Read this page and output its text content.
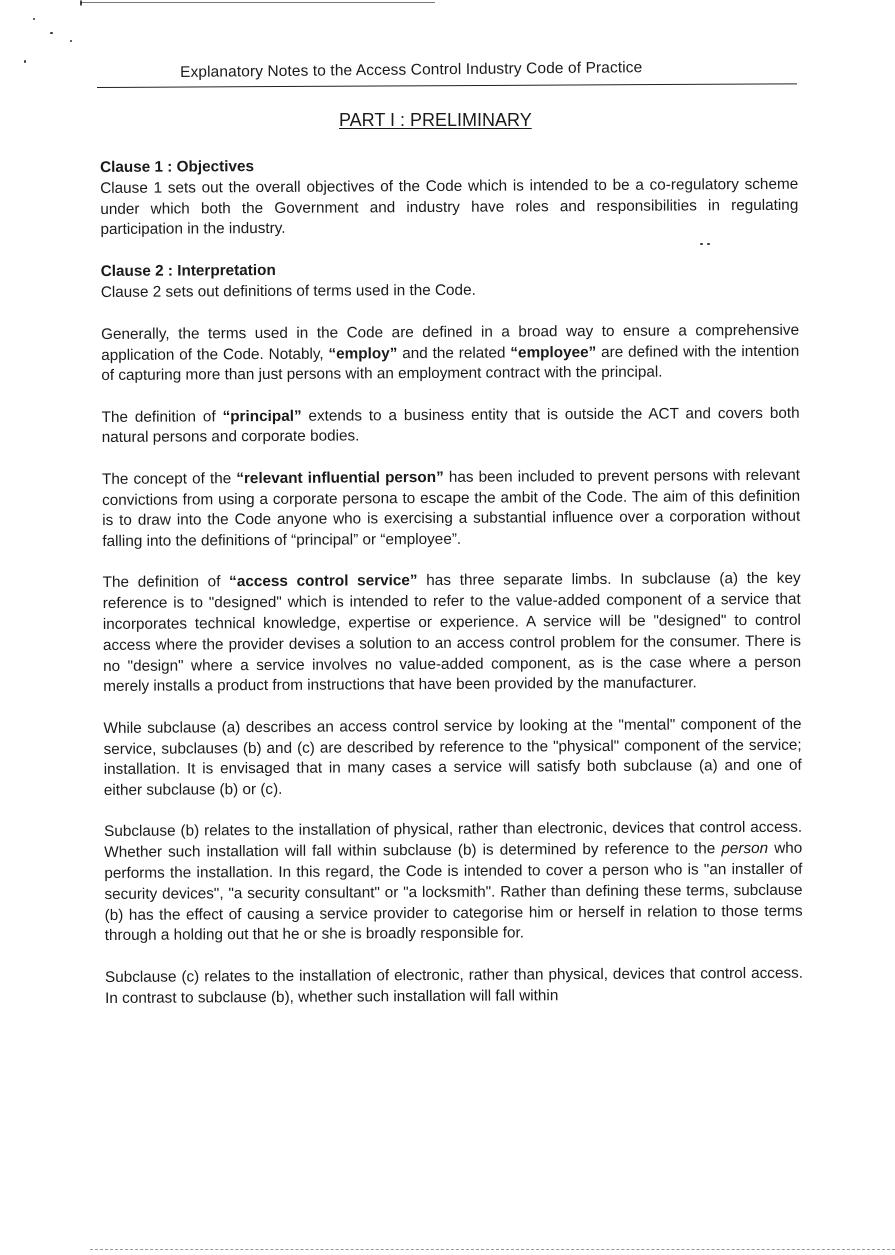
Explanatory Notes to the Access Control Industry Code of Practice
PART I : PRELIMINARY
Clause 1 : Objectives

Clause 1 sets out the overall objectives of the Code which is intended to be a co-regulatory scheme under which both the Government and industry have roles and responsibilities in regulating participation in the industry.

Clause 2 : Interpretation

Clause 2 sets out definitions of terms used in the Code.

Generally, the terms used in the Code are defined in a broad way to ensure a comprehensive application of the Code. Notably, “employ” and the related “employee” are defined with the intention of capturing more than just persons with an employment contract with the principal.

The definition of “principal” extends to a business entity that is outside the ACT and covers both natural persons and corporate bodies.

The concept of the “relevant influential person” has been included to prevent persons with relevant convictions from using a corporate persona to escape the ambit of the Code. The aim of this definition is to draw into the Code anyone who is exercising a substantial influence over a corporation without falling into the definitions of “principal” or “employee”.

The definition of “access control service” has three separate limbs. In subclause (a) the key reference is to "designed" which is intended to refer to the value-added component of a service that incorporates technical knowledge, expertise or experience. A service will be "designed" to control access where the provider devises a solution to an access control problem for the consumer. There is no "design" where a service involves no value-added component, as is the case where a person merely installs a product from instructions that have been provided by the manufacturer.

While subclause (a) describes an access control service by looking at the "mental" component of the service, subclauses (b) and (c) are described by reference to the "physical" component of the service; installation. It is envisaged that in many cases a service will satisfy both subclause (a) and one of either subclause (b) or (c).

Subclause (b) relates to the installation of physical, rather than electronic, devices that control access. Whether such installation will fall within subclause (b) is determined by reference to the person who performs the installation. In this regard, the Code is intended to cover a person who is "an installer of security devices", "a security consultant" or "a locksmith". Rather than defining these terms, subclause (b) has the effect of causing a service provider to categorise him or herself in relation to those terms through a holding out that he or she is broadly responsible for.

Subclause (c) relates to the installation of electronic, rather than physical, devices that control access. In contrast to subclause (b), whether such installation will fall within
